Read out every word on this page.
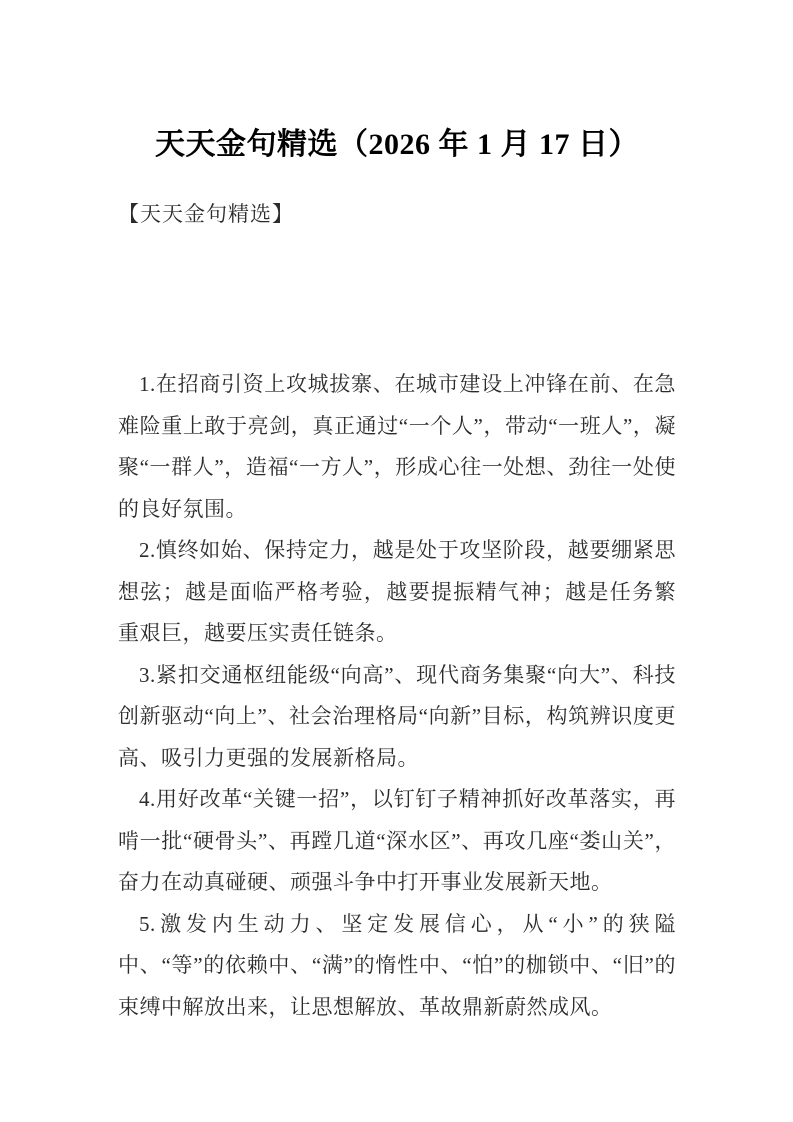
天天金句精选（2026 年 1 月 17 日）

【天天金句精选】

1.在招商引资上攻城拔寨、在城市建设上冲锋在前、在急难险重上敢于亮剑，真正通过“一个人”，带动“一班人”，凝聚“一群人”，造福“一方人”，形成心往一处想、劲往一处使的良好氛围。

2.慎终如始、保持定力，越是处于攻坚阶段，越要绷紧思想弦；越是面临严格考验，越要提振精气神；越是任务繁重艰巨，越要压实责任链条。

3.紧扣交通枢纽能级“向高”、现代商务集聚“向大”、科技创新驱动“向上”、社会治理格局“向新”目标，构筑辨识度更高、吸引力更强的发展新格局。

4.用好改革“关键一招”，以钉钉子精神抓好改革落实，再啃一批“硬骨头”、再蹚几道“深水区”、再攻几座“娄山关”，奋力在动真碰硬、顽强斗争中打开事业发展新天地。

5.激发内生动力、坚定发展信心，从“小”的狭隘中、“等”的依赖中、“满”的惰性中、“怕”的枷锁中、“旧”的束缚中解放出来，让思想解放、革故鼎新蔚然成风。
